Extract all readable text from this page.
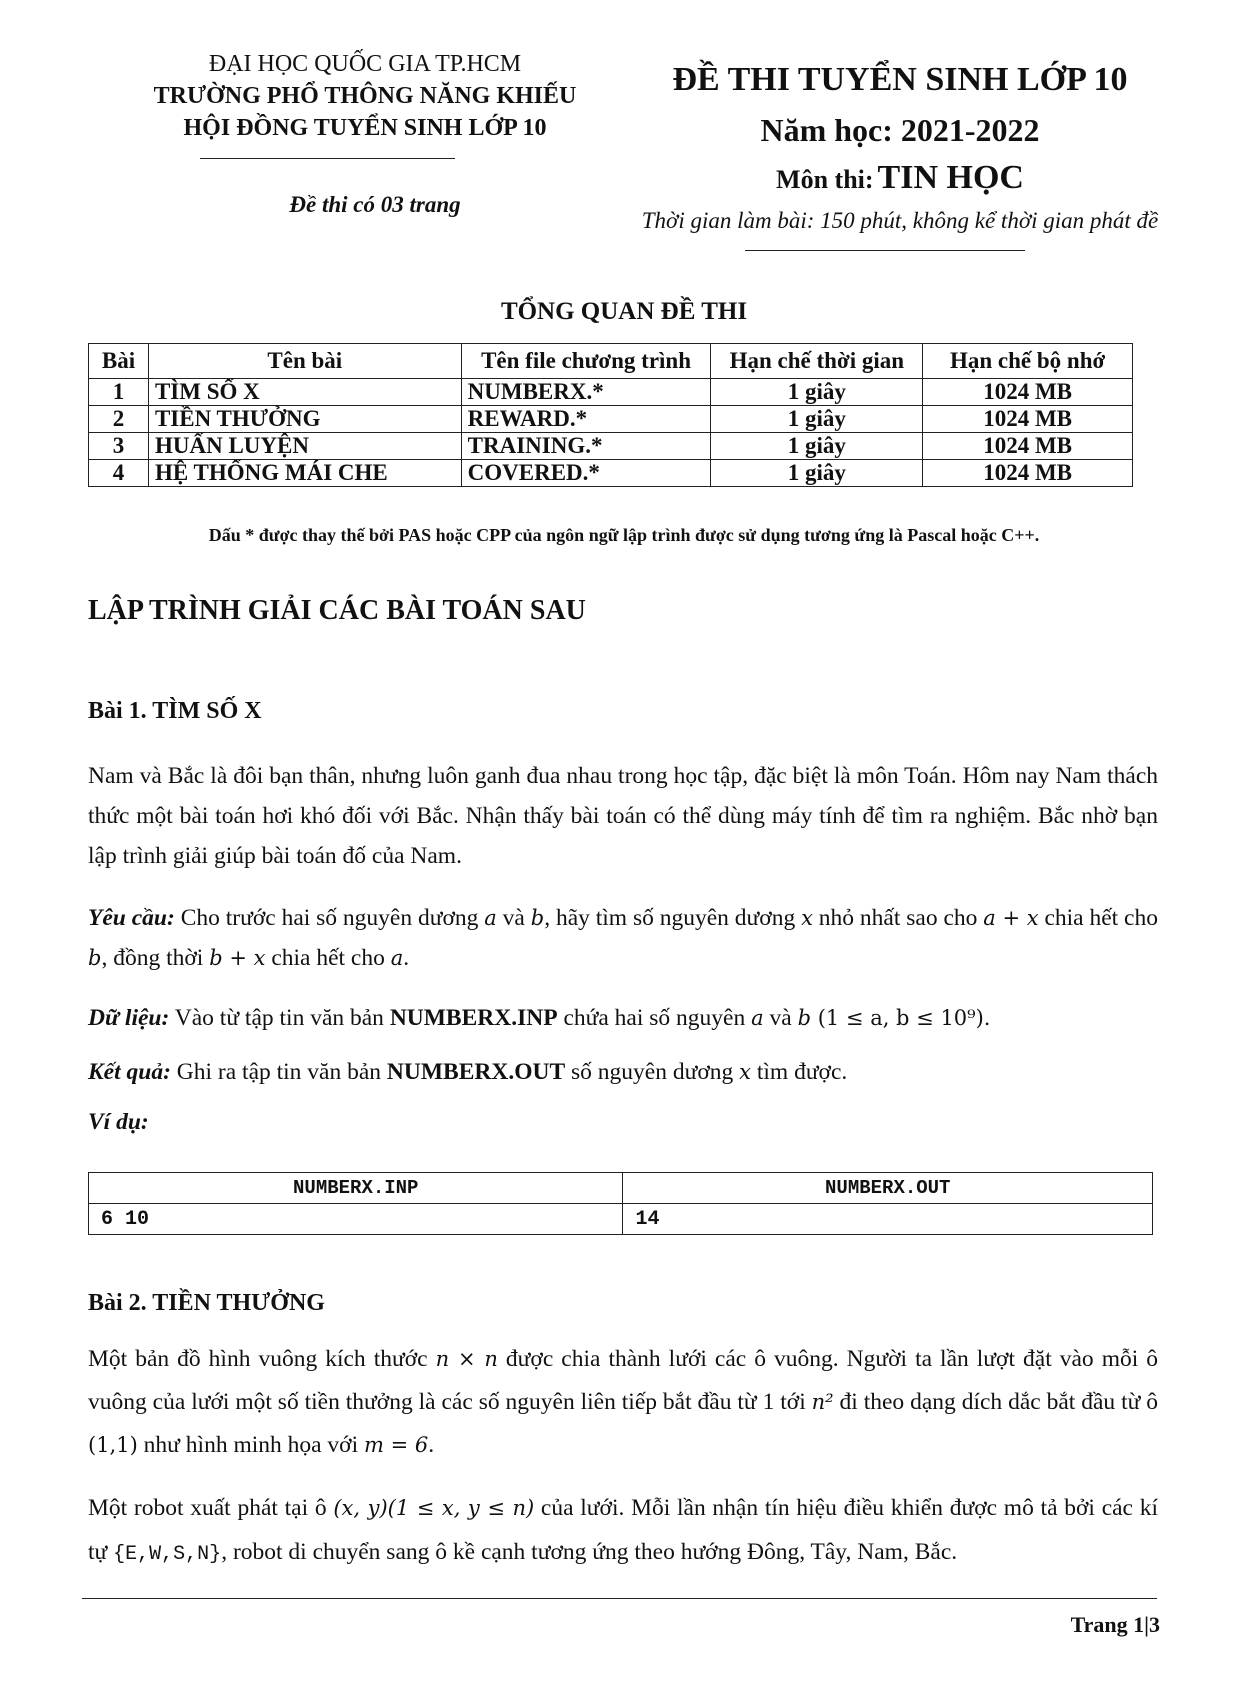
ĐẠI HỌC QUỐC GIA TP.HCM
TRƯỜNG PHỔ THÔNG NĂNG KHIẾU
HỘI ĐỒNG TUYỂN SINH LỚP 10
Đề thi có 03 trang
ĐỀ THI TUYỂN SINH LỚP 10
Năm học: 2021-2022
Môn thi: TIN HỌC
Thời gian làm bài: 150 phút, không kể thời gian phát đề
TỔNG QUAN ĐỀ THI
Bài	Tên bài	Tên file chương trình	Hạn chế thời gian	Hạn chế bộ nhớ
1	TÌM SỐ X	NUMBERX.*	1 giây	1024 MB
2	TIỀN THƯỞNG	REWARD.*	1 giây	1024 MB
3	HUẤN LUYỆN	TRAINING.*	1 giây	1024 MB
4	HỆ THỐNG MÁI CHE	COVERED.*	1 giây	1024 MB
Dấu * được thay thế bởi PAS hoặc CPP của ngôn ngữ lập trình được sử dụng tương ứng là Pascal hoặc C++.
LẬP TRÌNH GIẢI CÁC BÀI TOÁN SAU
Bài 1. TÌM SỐ X
Nam và Bắc là đôi bạn thân, nhưng luôn ganh đua nhau trong học tập, đặc biệt là môn Toán. Hôm nay Nam thách thức một bài toán hơi khó đối với Bắc. Nhận thấy bài toán có thể dùng máy tính để tìm ra nghiệm. Bắc nhờ bạn lập trình giải giúp bài toán đố của Nam.
Yêu cầu: Cho trước hai số nguyên dương a và b, hãy tìm số nguyên dương x nhỏ nhất sao cho a + x chia hết cho b, đồng thời b + x chia hết cho a.
Dữ liệu: Vào từ tập tin văn bản NUMBERX.INP chứa hai số nguyên a và b (1 ≤ a, b ≤ 10⁹).
Kết quả: Ghi ra tập tin văn bản NUMBERX.OUT số nguyên dương x tìm được.
Ví dụ:
NUMBERX.INP	NUMBERX.OUT
6 10	14
Bài 2. TIỀN THƯỞNG
Một bản đồ hình vuông kích thước n × n được chia thành lưới các ô vuông. Người ta lần lượt đặt vào mỗi ô vuông của lưới một số tiền thưởng là các số nguyên liên tiếp bắt đầu từ 1 tới n² đi theo dạng dích dắc bắt đầu từ ô (1,1) như hình minh họa với m = 6.
Một robot xuất phát tại ô (x, y)(1 ≤ x, y ≤ n) của lưới. Mỗi lần nhận tín hiệu điều khiển được mô tả bởi các kí tự {E,W,S,N}, robot di chuyển sang ô kề cạnh tương ứng theo hướng Đông, Tây, Nam, Bắc.
Trang 1|3
